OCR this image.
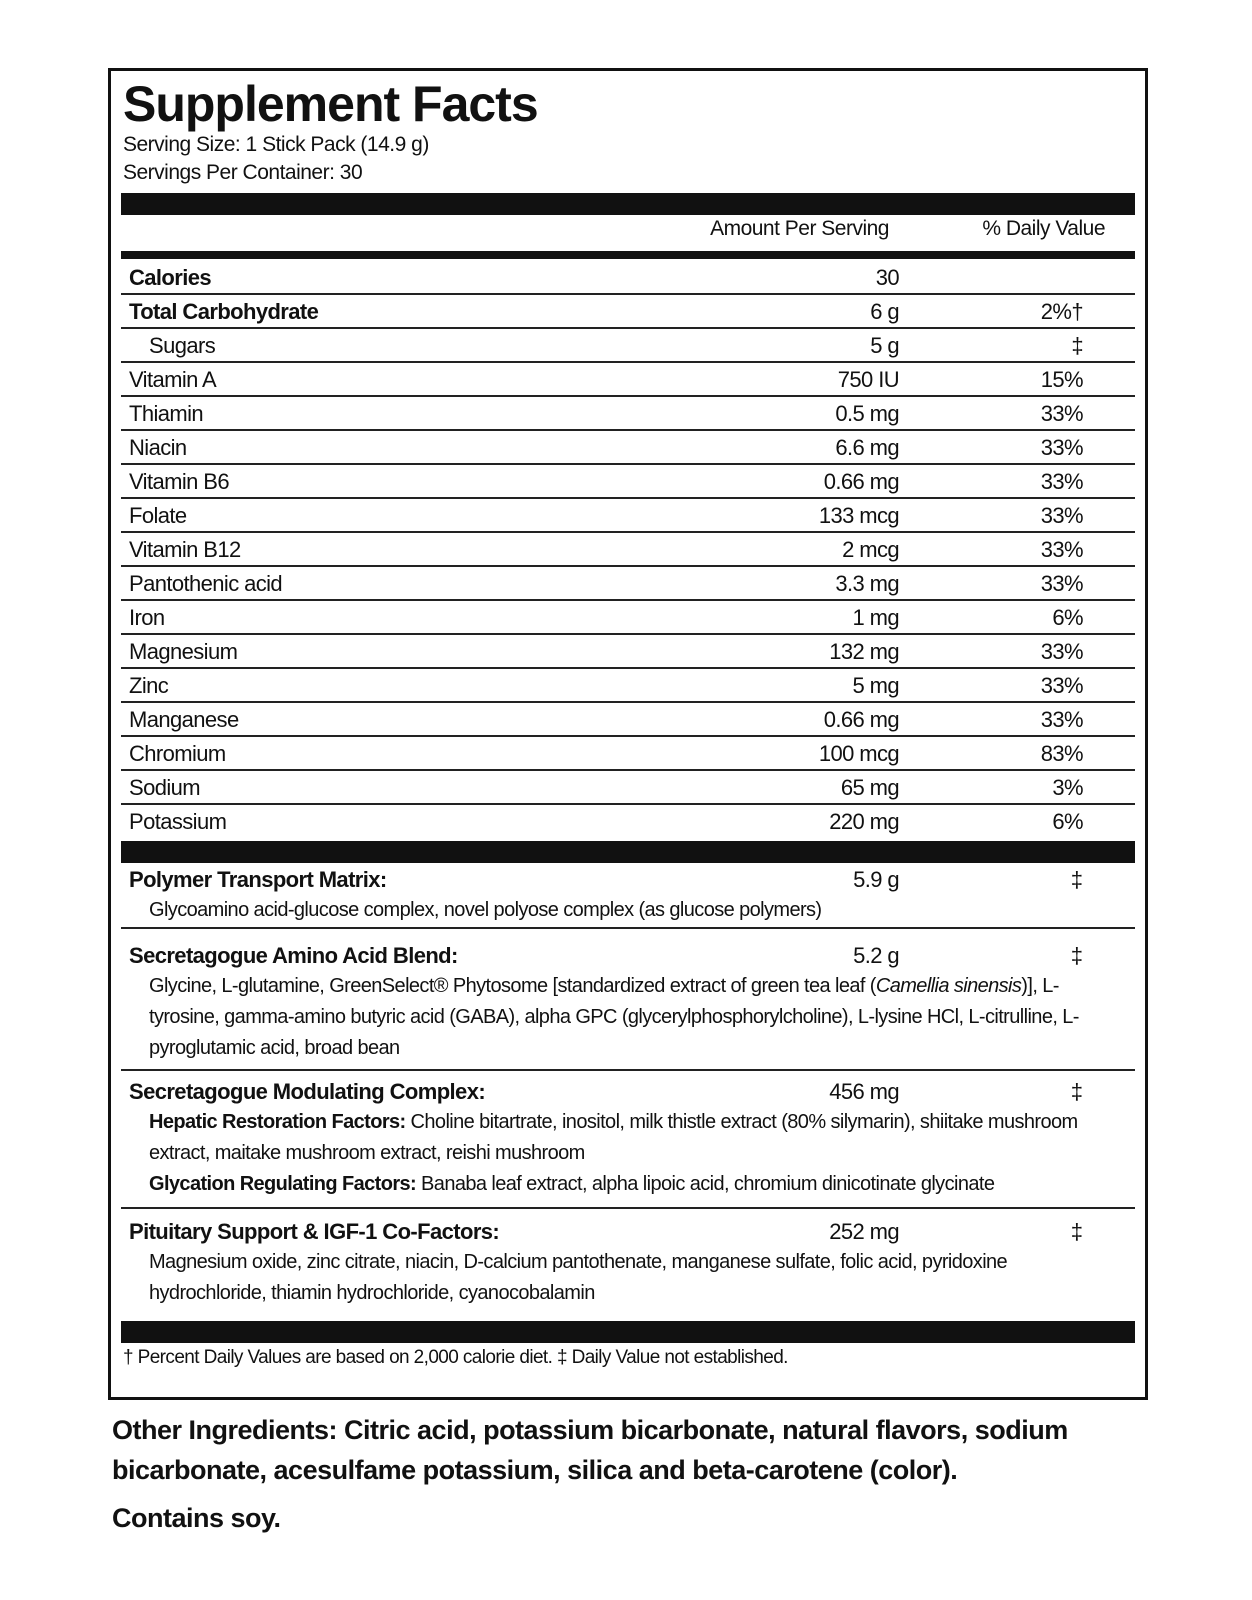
Supplement Facts
Serving Size: 1 Stick Pack (14.9 g)
Servings Per Container: 30
Amount Per Serving	% Daily Value
Calories	30
Total Carbohydrate	6 g	2%†
Sugars	5 g	‡
Vitamin A	750 IU	15%
Thiamin	0.5 mg	33%
Niacin	6.6 mg	33%
Vitamin B6	0.66 mg	33%
Folate	133 mcg	33%
Vitamin B12	2 mcg	33%
Pantothenic acid	3.3 mg	33%
Iron	1 mg	6%
Magnesium	132 mg	33%
Zinc	5 mg	33%
Manganese	0.66 mg	33%
Chromium	100 mcg	83%
Sodium	65 mg	3%
Potassium	220 mg	6%
Polymer Transport Matrix:	5.9 g	‡
Glycoamino acid-glucose complex, novel polyose complex (as glucose polymers)
Secretagogue Amino Acid Blend:	5.2 g	‡
Glycine, L-glutamine, GreenSelect® Phytosome [standardized extract of green tea leaf (Camellia sinensis)], L-tyrosine, gamma-amino butyric acid (GABA), alpha GPC (glycerylphosphorylcholine), L-lysine HCl, L-citrulline, L-pyroglutamic acid, broad bean
Secretagogue Modulating Complex:	456 mg	‡
Hepatic Restoration Factors: Choline bitartrate, inositol, milk thistle extract (80% silymarin), shiitake mushroom extract, maitake mushroom extract, reishi mushroom
Glycation Regulating Factors: Banaba leaf extract, alpha lipoic acid, chromium dinicotinate glycinate
Pituitary Support & IGF-1 Co-Factors:	252 mg	‡
Magnesium oxide, zinc citrate, niacin, D-calcium pantothenate, manganese sulfate, folic acid, pyridoxine hydrochloride, thiamin hydrochloride, cyanocobalamin
† Percent Daily Values are based on 2,000 calorie diet. ‡ Daily Value not established.
Other Ingredients: Citric acid, potassium bicarbonate, natural flavors, sodium bicarbonate, acesulfame potassium, silica and beta-carotene (color).
Contains soy.
